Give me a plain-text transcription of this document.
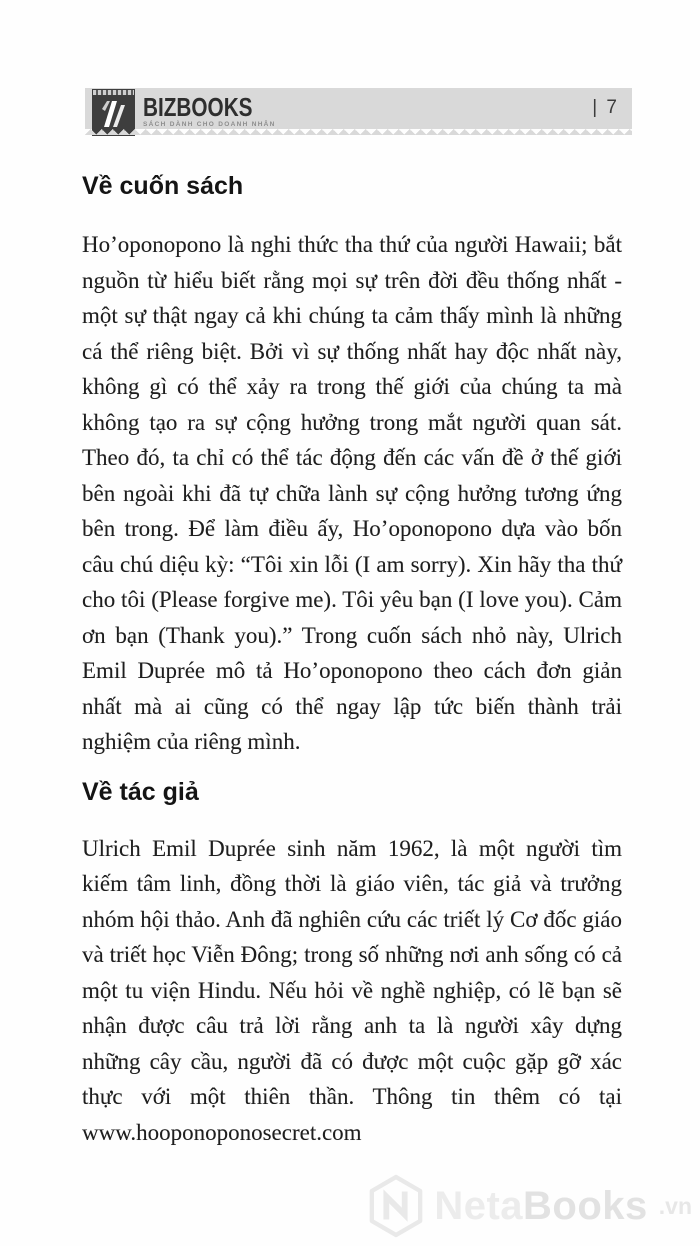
BIZBOOKS
SÁCH DÀNH CHO DOANH NHÂN
| 7
Về cuốn sách

Ho’oponopono là nghi thức tha thứ của người Hawaii; bắt nguồn từ hiểu biết rằng mọi sự trên đời đều thống nhất - một sự thật ngay cả khi chúng ta cảm thấy mình là những cá thể riêng biệt. Bởi vì sự thống nhất hay độc nhất này, không gì có thể xảy ra trong thế giới của chúng ta mà không tạo ra sự cộng hưởng trong mắt người quan sát. Theo đó, ta chỉ có thể tác động đến các vấn đề ở thế giới bên ngoài khi đã tự chữa lành sự cộng hưởng tương ứng bên trong. Để làm điều ấy, Ho’oponopono dựa vào bốn câu chú diệu kỳ: “Tôi xin lỗi (I am sorry). Xin hãy tha thứ cho tôi (Please forgive me). Tôi yêu bạn (I love you). Cảm ơn bạn (Thank you).” Trong cuốn sách nhỏ này, Ulrich Emil Duprée mô tả Ho’oponopono theo cách đơn giản nhất mà ai cũng có thể ngay lập tức biến thành trải nghiệm của riêng mình.

Về tác giả

Ulrich Emil Duprée sinh năm 1962, là một người tìm kiếm tâm linh, đồng thời là giáo viên, tác giả và trưởng nhóm hội thảo. Anh đã nghiên cứu các triết lý Cơ đốc giáo và triết học Viễn Đông; trong số những nơi anh sống có cả một tu viện Hindu. Nếu hỏi về nghề nghiệp, có lẽ bạn sẽ nhận được câu trả lời rằng anh ta là người xây dựng những cây cầu, người đã có được một cuộc gặp gỡ xác thực với một thiên thần. Thông tin thêm có tại www.hooponoponosecret.com

NetaBooks .vn
